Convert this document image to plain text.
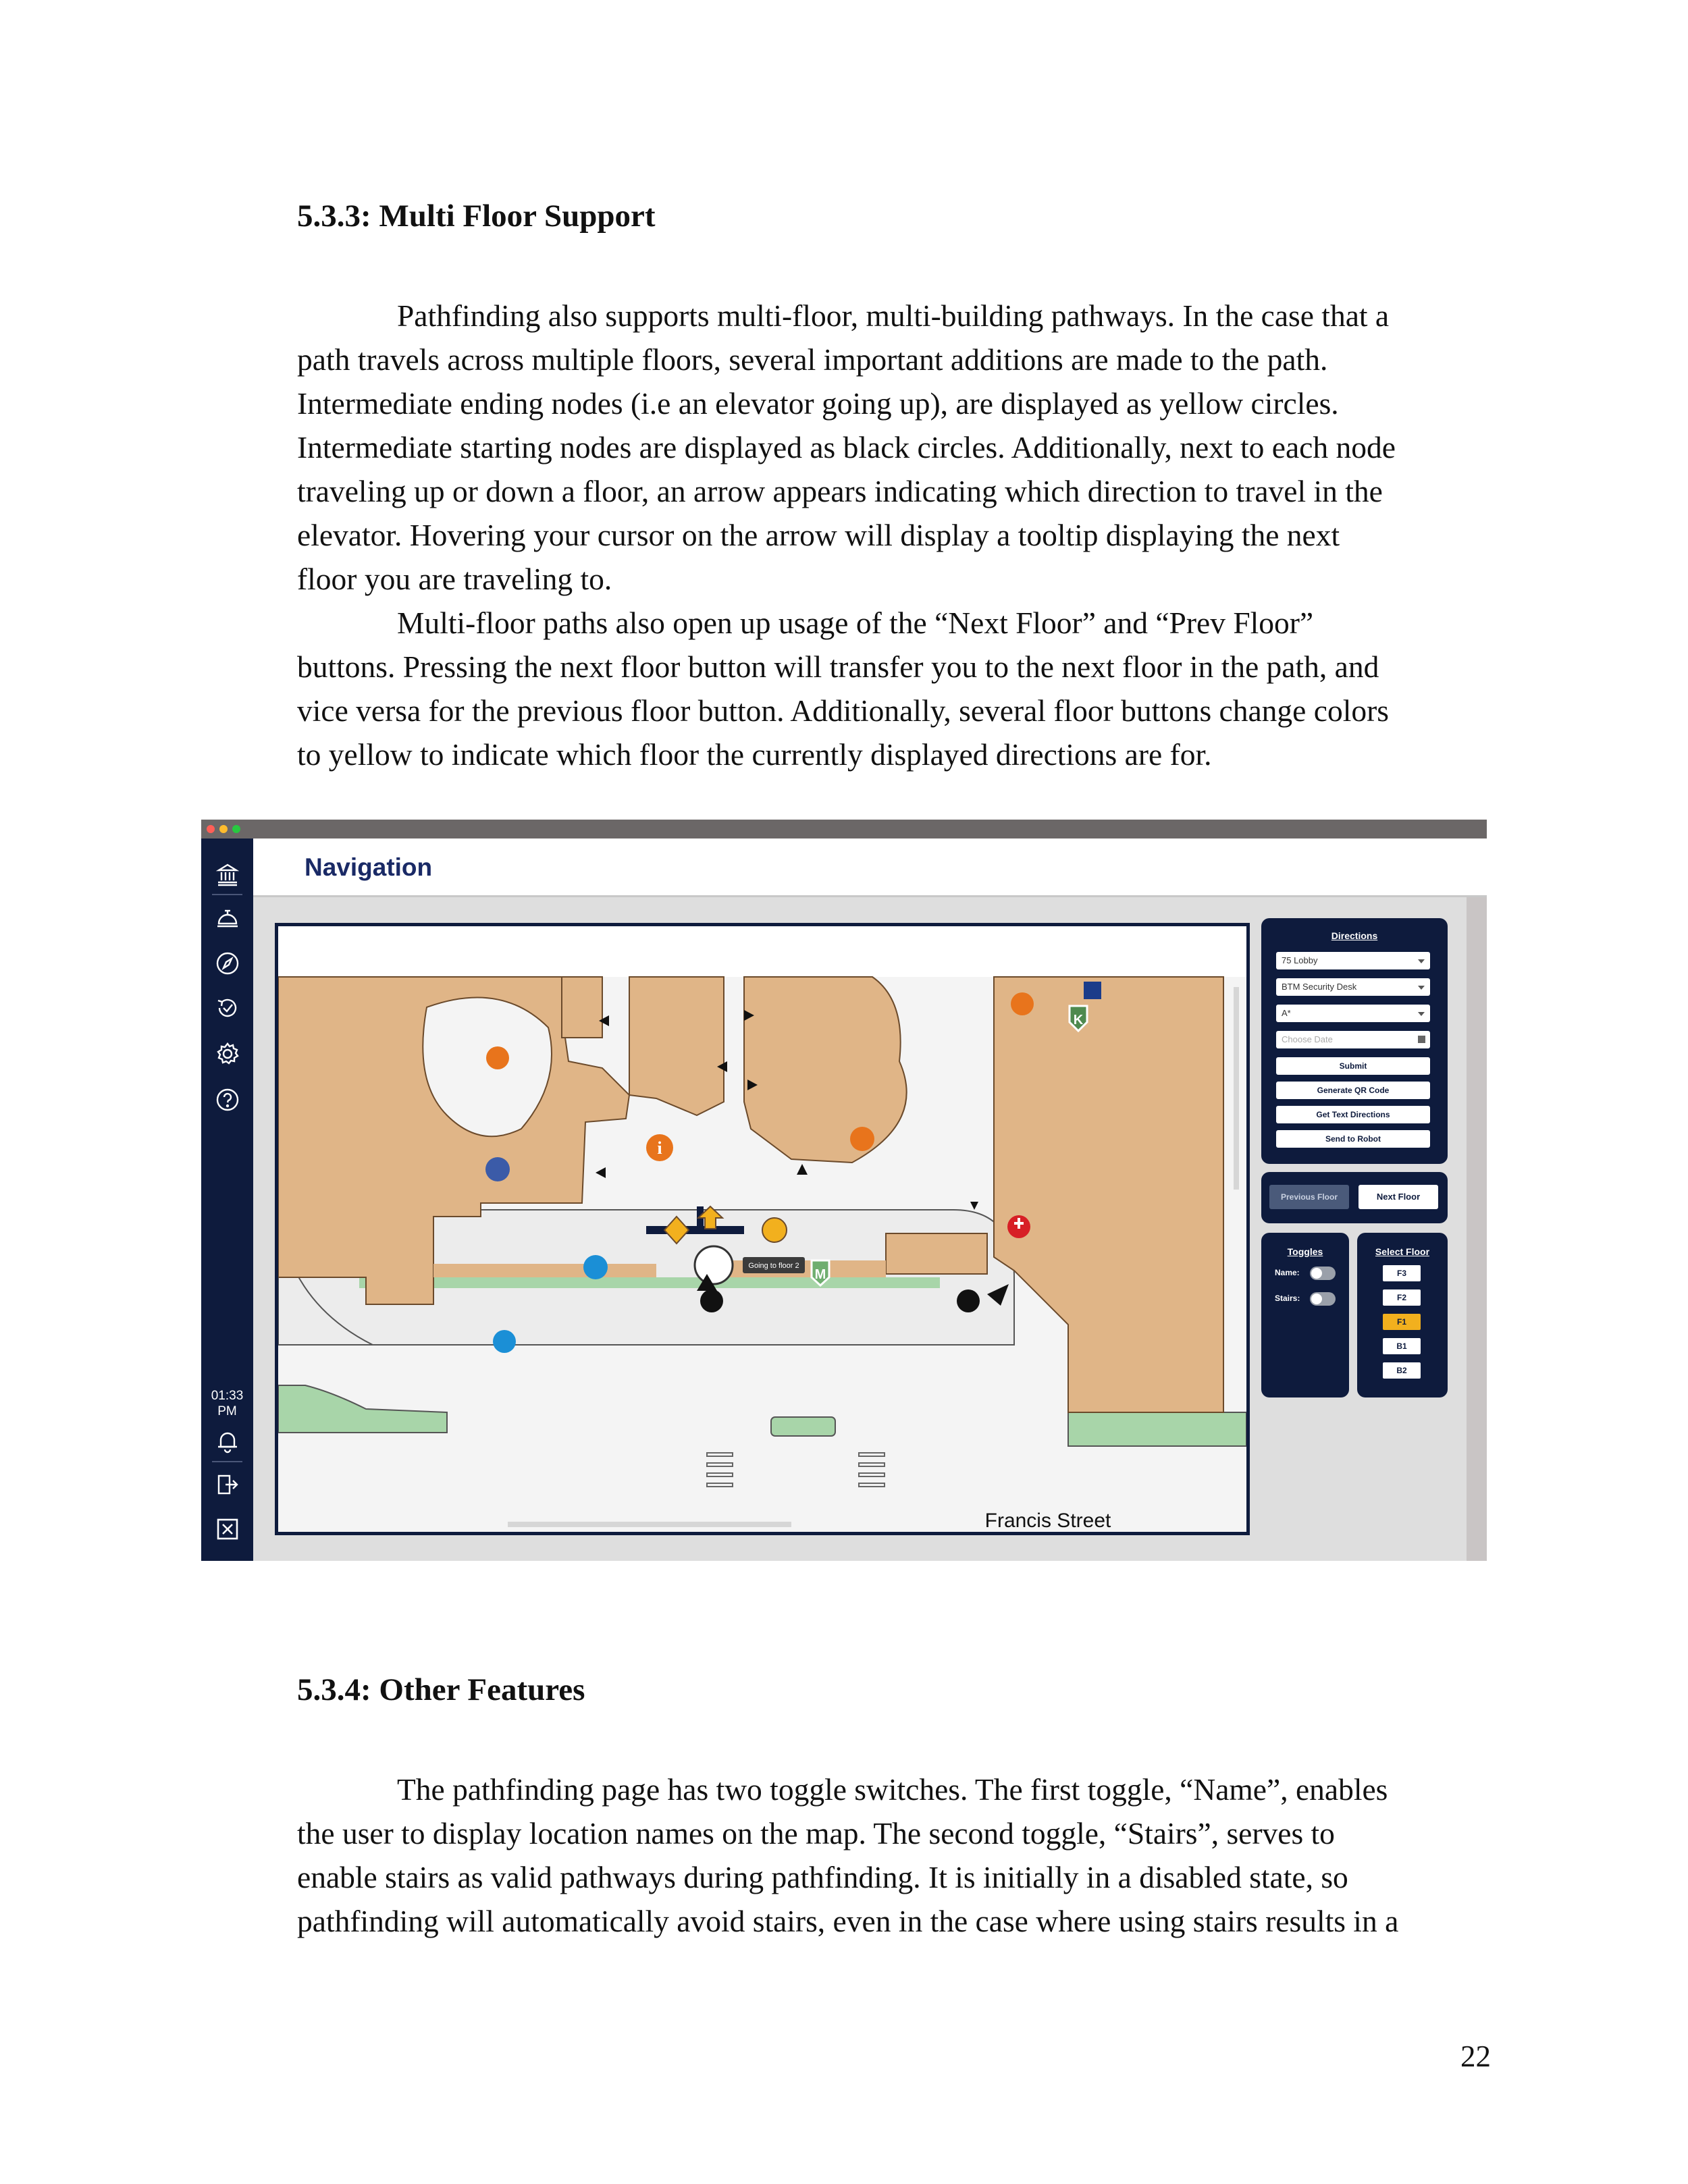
5.3.3: Multi Floor Support

Pathfinding also supports multi-floor, multi-building pathways. In the case that a
path travels across multiple floors, several important additions are made to the path.
Intermediate ending nodes (i.e an elevator going up), are displayed as yellow circles.
Intermediate starting nodes are displayed as black circles. Additionally, next to each node
traveling up or down a floor, an arrow appears indicating which direction to travel in the
elevator. Hovering your cursor on the arrow will display a tooltip displaying the next
floor you are traveling to.
Multi-floor paths also open up usage of the “Next Floor” and “Prev Floor”
buttons. Pressing the next floor button will transfer you to the next floor in the path, and
vice versa for the previous floor button. Additionally, several floor buttons change colors
to yellow to indicate which floor the currently displayed directions are for.

01:33
PM
Navigation
Going to floor 2
i
K
M
Francis Street
Directions
75 Lobby
BTM Security Desk
A*
Choose Date
Submit
Generate QR Code
Get Text Directions
Send to Robot
Previous Floor	Next Floor
Toggles
Name:
Stairs:
Select Floor
F3
F2
F1
B1
B2
5.3.4: Other Features

The pathfinding page has two toggle switches. The first toggle, “Name”, enables
the user to display location names on the map. The second toggle, “Stairs”, serves to
enable stairs as valid pathways during pathfinding. It is initially in a disabled state, so
pathfinding will automatically avoid stairs, even in the case where using stairs results in a

22
